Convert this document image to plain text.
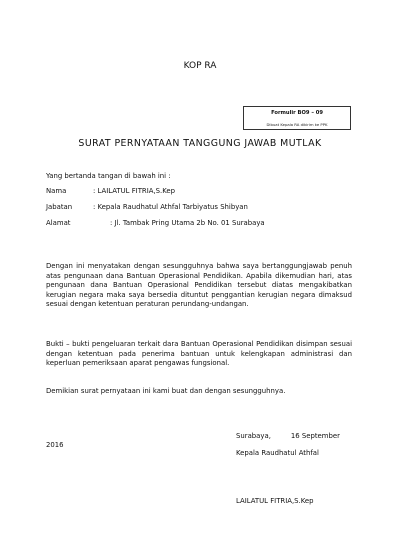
KOP RA
Formulir BO9 – 09
Dibuat Kepala RA dikirim ke PPK
SURAT PERNYATAAN TANGGUNG JAWAB MUTLAK
Yang bertanda tangan di bawah ini :
Nama	: LAILATUL FITRIA,S.Kep
Jabatan	: Kepala Raudhatul Athfal Tarbiyatus Shibyan
Alamat	: Jl. Tambak Pring Utama 2b No. 01 Surabaya
Dengan ini menyatakan dengan sesungguhnya bahwa saya bertanggungjawab penuh atas pengunaan dana Bantuan Operasional Pendidikan. Apabila dikemudian hari, atas pengunaan dana Bantuan Operasional Pendidikan tersebut diatas mengakibatkan kerugian negara maka saya bersedia dituntut penggantian kerugian negara dimaksud sesuai dengan ketentuan peraturan perundang-undangan.
Bukti – bukti pengeluaran terkait dara Bantuan Operasional Pendidikan disimpan sesuai dengan ketentuan pada penerima bantuan untuk kelengkapan administrasi dan keperluan pemeriksaan aparat pengawas fungsional.
Demikian surat pernyataan ini kami buat dan dengan sesungguhnya.
Surabaya,	16 September
2016
Kepala Raudhatul Athfal
LAILATUL FITRIA,S.Kep
